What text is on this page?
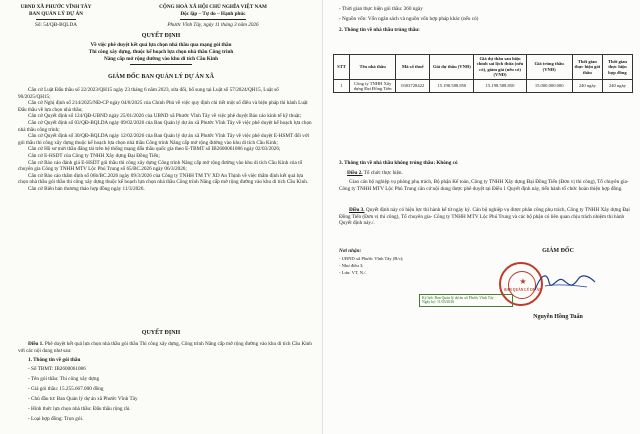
UBND XÃ PHƯỚC VĨNH TÂY
BAN QUẢN LÝ DỰ ÁN
Số: 54/QĐ-BQLDA
CỘNG HOÀ XÃ HỘI CHỦ NGHĨA VIỆT NAM
Độc lập – Tự do – Hạnh phúc
Phước Vĩnh Tây, ngày 11 tháng 3 năm 2026
QUYẾT ĐỊNH
Về việc phê duyệt kết quả lựa chọn nhà thầu qua mạng gói thầu
Thi công xây dựng, thuộc kế hoạch lựa chọn nhà thầu Công trình
Nâng cấp mở rộng đường vào khu di tích Cầu Kinh
GIÁM ĐỐC BAN QUẢN LÝ DỰ ÁN XÃ
Căn cứ Luật Đấu thầu số 22/2023/QH15 ngày 23 tháng 6 năm 2023, sửa đổi, bổ sung tại Luật số 57/2024/QH15, Luật số 90/2025/QH15;
Căn cứ Nghị định số 214/2025/NĐ-CP ngày 04/8/2025 của Chính Phủ về việc quy định chi tiết một số điều và biện pháp thi hành Luật Đấu thầu về lựa chọn nhà thầu;
Căn cứ Quyết định số 124/QĐ-UBND ngày 25/01/2026 của UBND xã Phước Vĩnh Tây về việc phê duyệt Báo cáo kinh tế kỹ thuật;
Căn cứ Quyết định số 03/QĐ-BQLDA ngày 09/02/2026 của Ban Quản lý dự án xã Phước Vĩnh Tây về việc phê duyệt kế hoạch lựa chọn nhà thầu công trình;
Căn cứ Quyết định số 30/QĐ-BQLDA ngày 12/02/2026 của Ban Quản lý dự án xã Phước Vĩnh Tây về việc phê duyệt E-HSMT đối với gói thầu thi công xây dựng thuộc kế hoạch lựa chọn nhà thầu Công trình Nâng cấp mở rộng đường vào khu di tích Cầu Kinh;
Căn cứ Hồ sơ mời thầu đăng tải trên hệ thống mạng đấu thầu quốc gia theo E-TBMT số IB2600061086 ngày 02/03/2026;
Căn cứ E-HSDT của Công ty TNHH Xây dựng Đại Đồng Tiến;
Căn cứ Báo cáo đánh giá E-HSDT gói thầu thi công xây dựng Công trình Nâng cấp mở rộng đường vào khu di tích Cầu Kinh của tổ chuyên gia Công ty TNHH MTV Lộc Phú Trung số 65/BC.2026 ngày 06/3/2026;
Căn cứ Báo cáo thẩm định số 06b/BC.2026 ngày 09/3/2026 của Công ty TNHH TM TV XD An Thịnh về việc thẩm định kết quả lựa chọn nhà thầu gói thầu thi công xây dựng thuộc kế hoạch lựa chọn nhà thầu Công trình Nâng cấp mở rộng đường vào khu di tích Cầu Kinh.
Căn cứ Biên bản thương thảo hợp đồng ngày 11/3/2026.
QUYẾT ĐỊNH
Điều 1. Phê duyệt kết quả lựa chọn nhà thầu gói thầu Thi công xây dựng, Công trình Nâng cấp mở rộng đường vào khu di tích Cầu Kinh với các nội dung như sau:
1. Thông tin về gói thầu
- Số TBMT: IB2600061086
- Tên gói thầu: Thi công xây dựng
- Giá gói thầu: 15.255.667.000 đồng
- Chủ đầu tư: Ban Quản lý dự án xã Phước Vĩnh Tây
- Hình thức lựa chọn nhà thầu: Đấu thầu rộng rãi.
- Loại hợp đồng: Trọn gói.
- Thời gian thực hiện gói thầu: 360 ngày
- Nguồn vốn: Vốn ngân sách và nguồn vốn hợp pháp khác (nếu có)
2. Thông tin về nhà thầu trúng thầu:
STT	Tên nhà thầu	Mã số thuế	Giá dự thầu (VNĐ)	Giá dự thầu sau hiệu chỉnh sai lệch thừa (nếu có), giảm giá (nếu có) (VNĐ)	Giá trúng thầu (VNĐ)	Thời gian thực hiện gói thầu	Thời gian thực hiện hợp đồng
1	Công ty TNHH Xây dựng Đại Đồng Tiến	0303728422	15.198.588.850	15.198.588.850	15.000.000.000	240 ngày	240 ngày
3. Thông tin về nhà thầu không trúng thầu: Không có
Điều 2. Tổ chức thực hiện.
Giao cán bộ nghiệp vụ phòng phụ trách, Bộ phận Kế toán, Công ty TNHH Xây dựng Đại Đồng Tiến (Đơn vị thi công), Tổ chuyên gia-Công ty TNHH MTV Lộc Phú Trung căn cứ nội dung được phê duyệt tại Điều 1 Quyết định này, tiến hành tổ chức hoàn thiện hợp đồng.
Điều 3. Quyết định này có hiệu lực thi hành kể từ ngày ký. Cán bộ nghiệp vụ được phân công phụ trách, Công ty TNHH Xây dựng Đại Đồng Tiến (Đơn vị thi công), Tổ chuyên gia- Công ty TNHH MTV Lộc Phú Trung và các bộ phận có liên quan chịu trách nhiệm thi hành Quyết định này./.
Nơi nhận:
- UBND xã Phước Vĩnh Tây (B/c);
- Như điều 3;
- Lưu: VT, N./.
GIÁM ĐỐC
★
BAN QUẢN LÝ DỰ ÁN
Ký bởi: Ban Quản lý dự án xã Phước Vĩnh Tây
Ngày ký: 11/03/2026
Nguyễn Hồng Tuấn
